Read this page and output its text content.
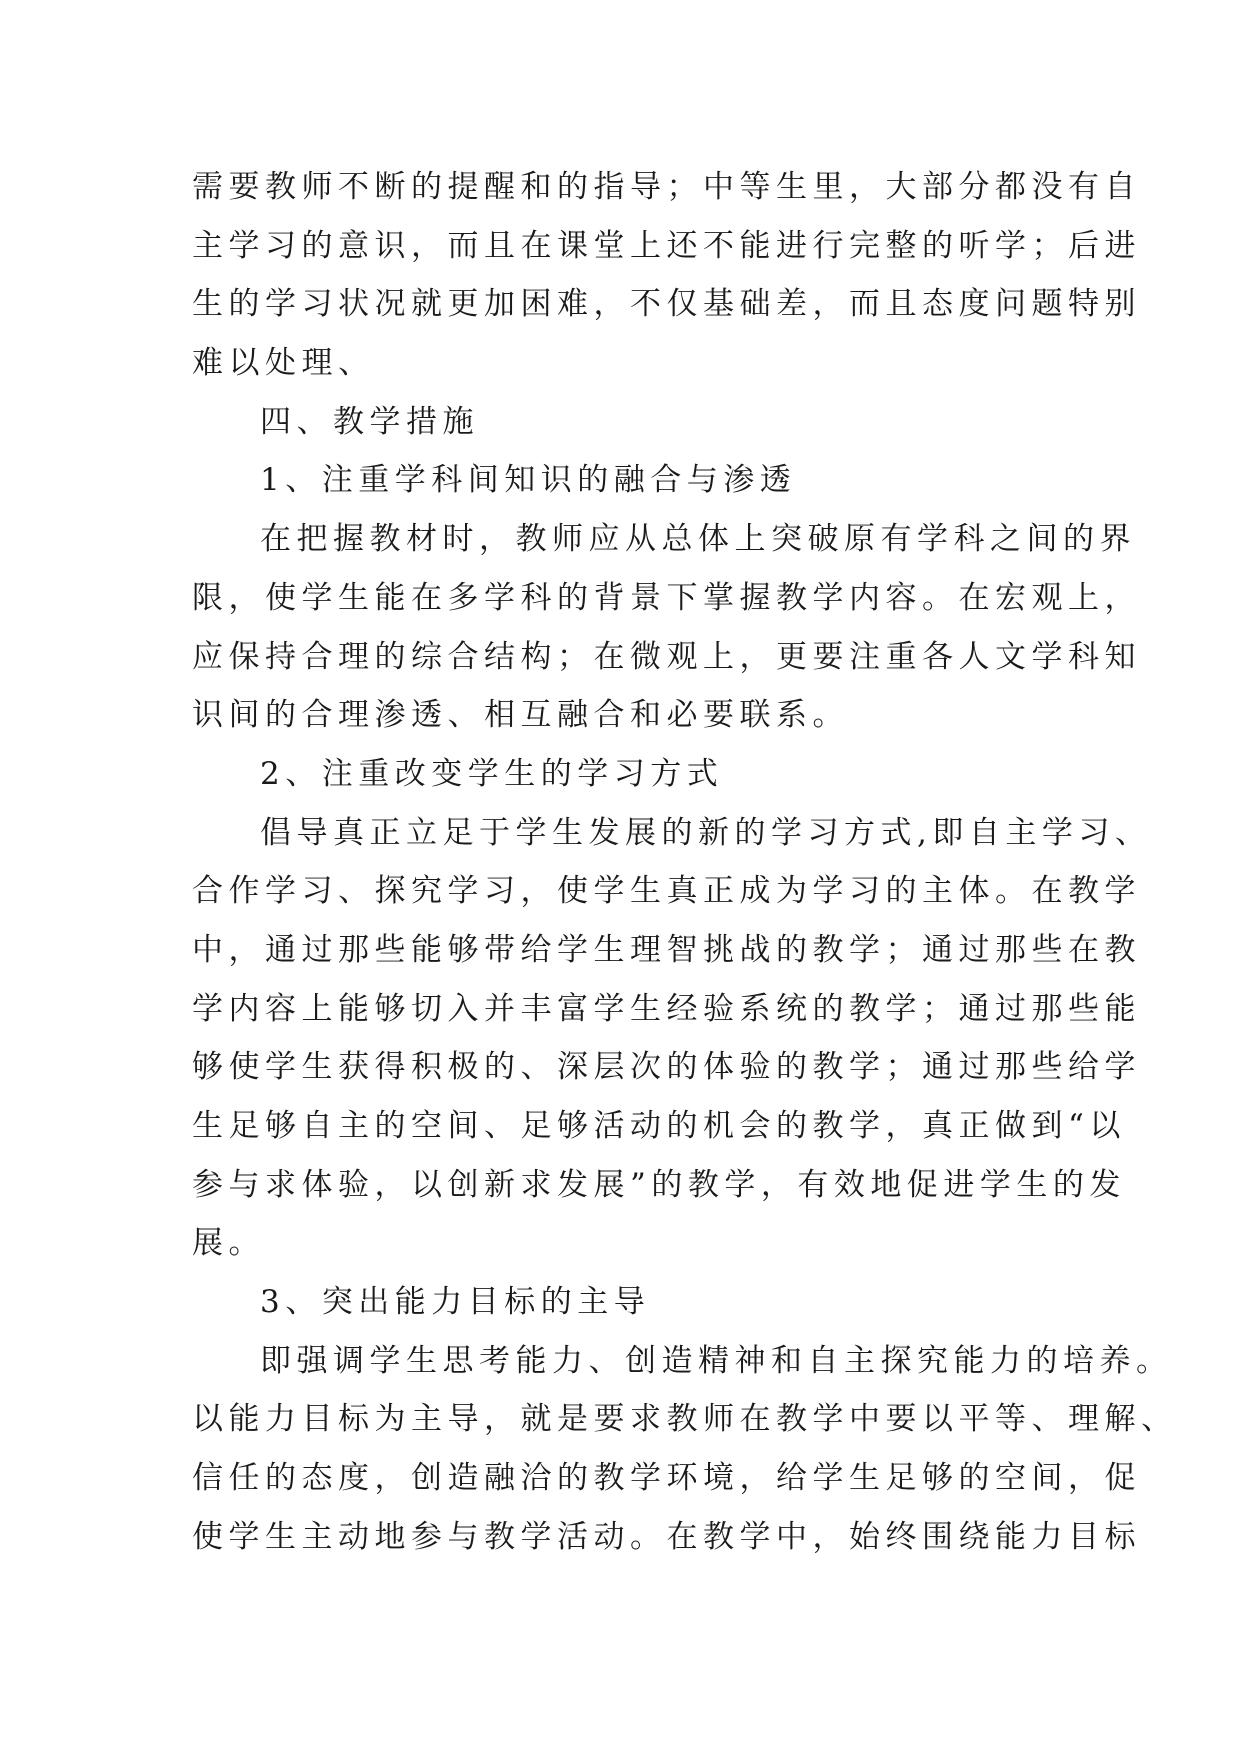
需要教师不断的提醒和的指导；中等生里，大部分都没有自
主学习的意识，而且在课堂上还不能进行完整的听学；后进
生的学习状况就更加困难，不仅基础差，而且态度问题特别
难以处理、
四、教学措施
1、注重学科间知识的融合与渗透
在把握教材时，教师应从总体上突破原有学科之间的界
限，使学生能在多学科的背景下掌握教学内容。在宏观上，
应保持合理的综合结构；在微观上，更要注重各人文学科知
识间的合理渗透、相互融合和必要联系。
2、注重改变学生的学习方式
倡导真正立足于学生发展的新的学习方式,即自主学习、
合作学习、探究学习，使学生真正成为学习的主体。在教学
中，通过那些能够带给学生理智挑战的教学；通过那些在教
学内容上能够切入并丰富学生经验系统的教学；通过那些能
够使学生获得积极的、深层次的体验的教学；通过那些给学
生足够自主的空间、足够活动的机会的教学，真正做到“以
参与求体验，以创新求发展”的教学，有效地促进学生的发
展。
3、突出能力目标的主导
即强调学生思考能力、创造精神和自主探究能力的培养。
以能力目标为主导，就是要求教师在教学中要以平等、理解、
信任的态度，创造融洽的教学环境，给学生足够的空间，促
使学生主动地参与教学活动。在教学中，始终围绕能力目标
